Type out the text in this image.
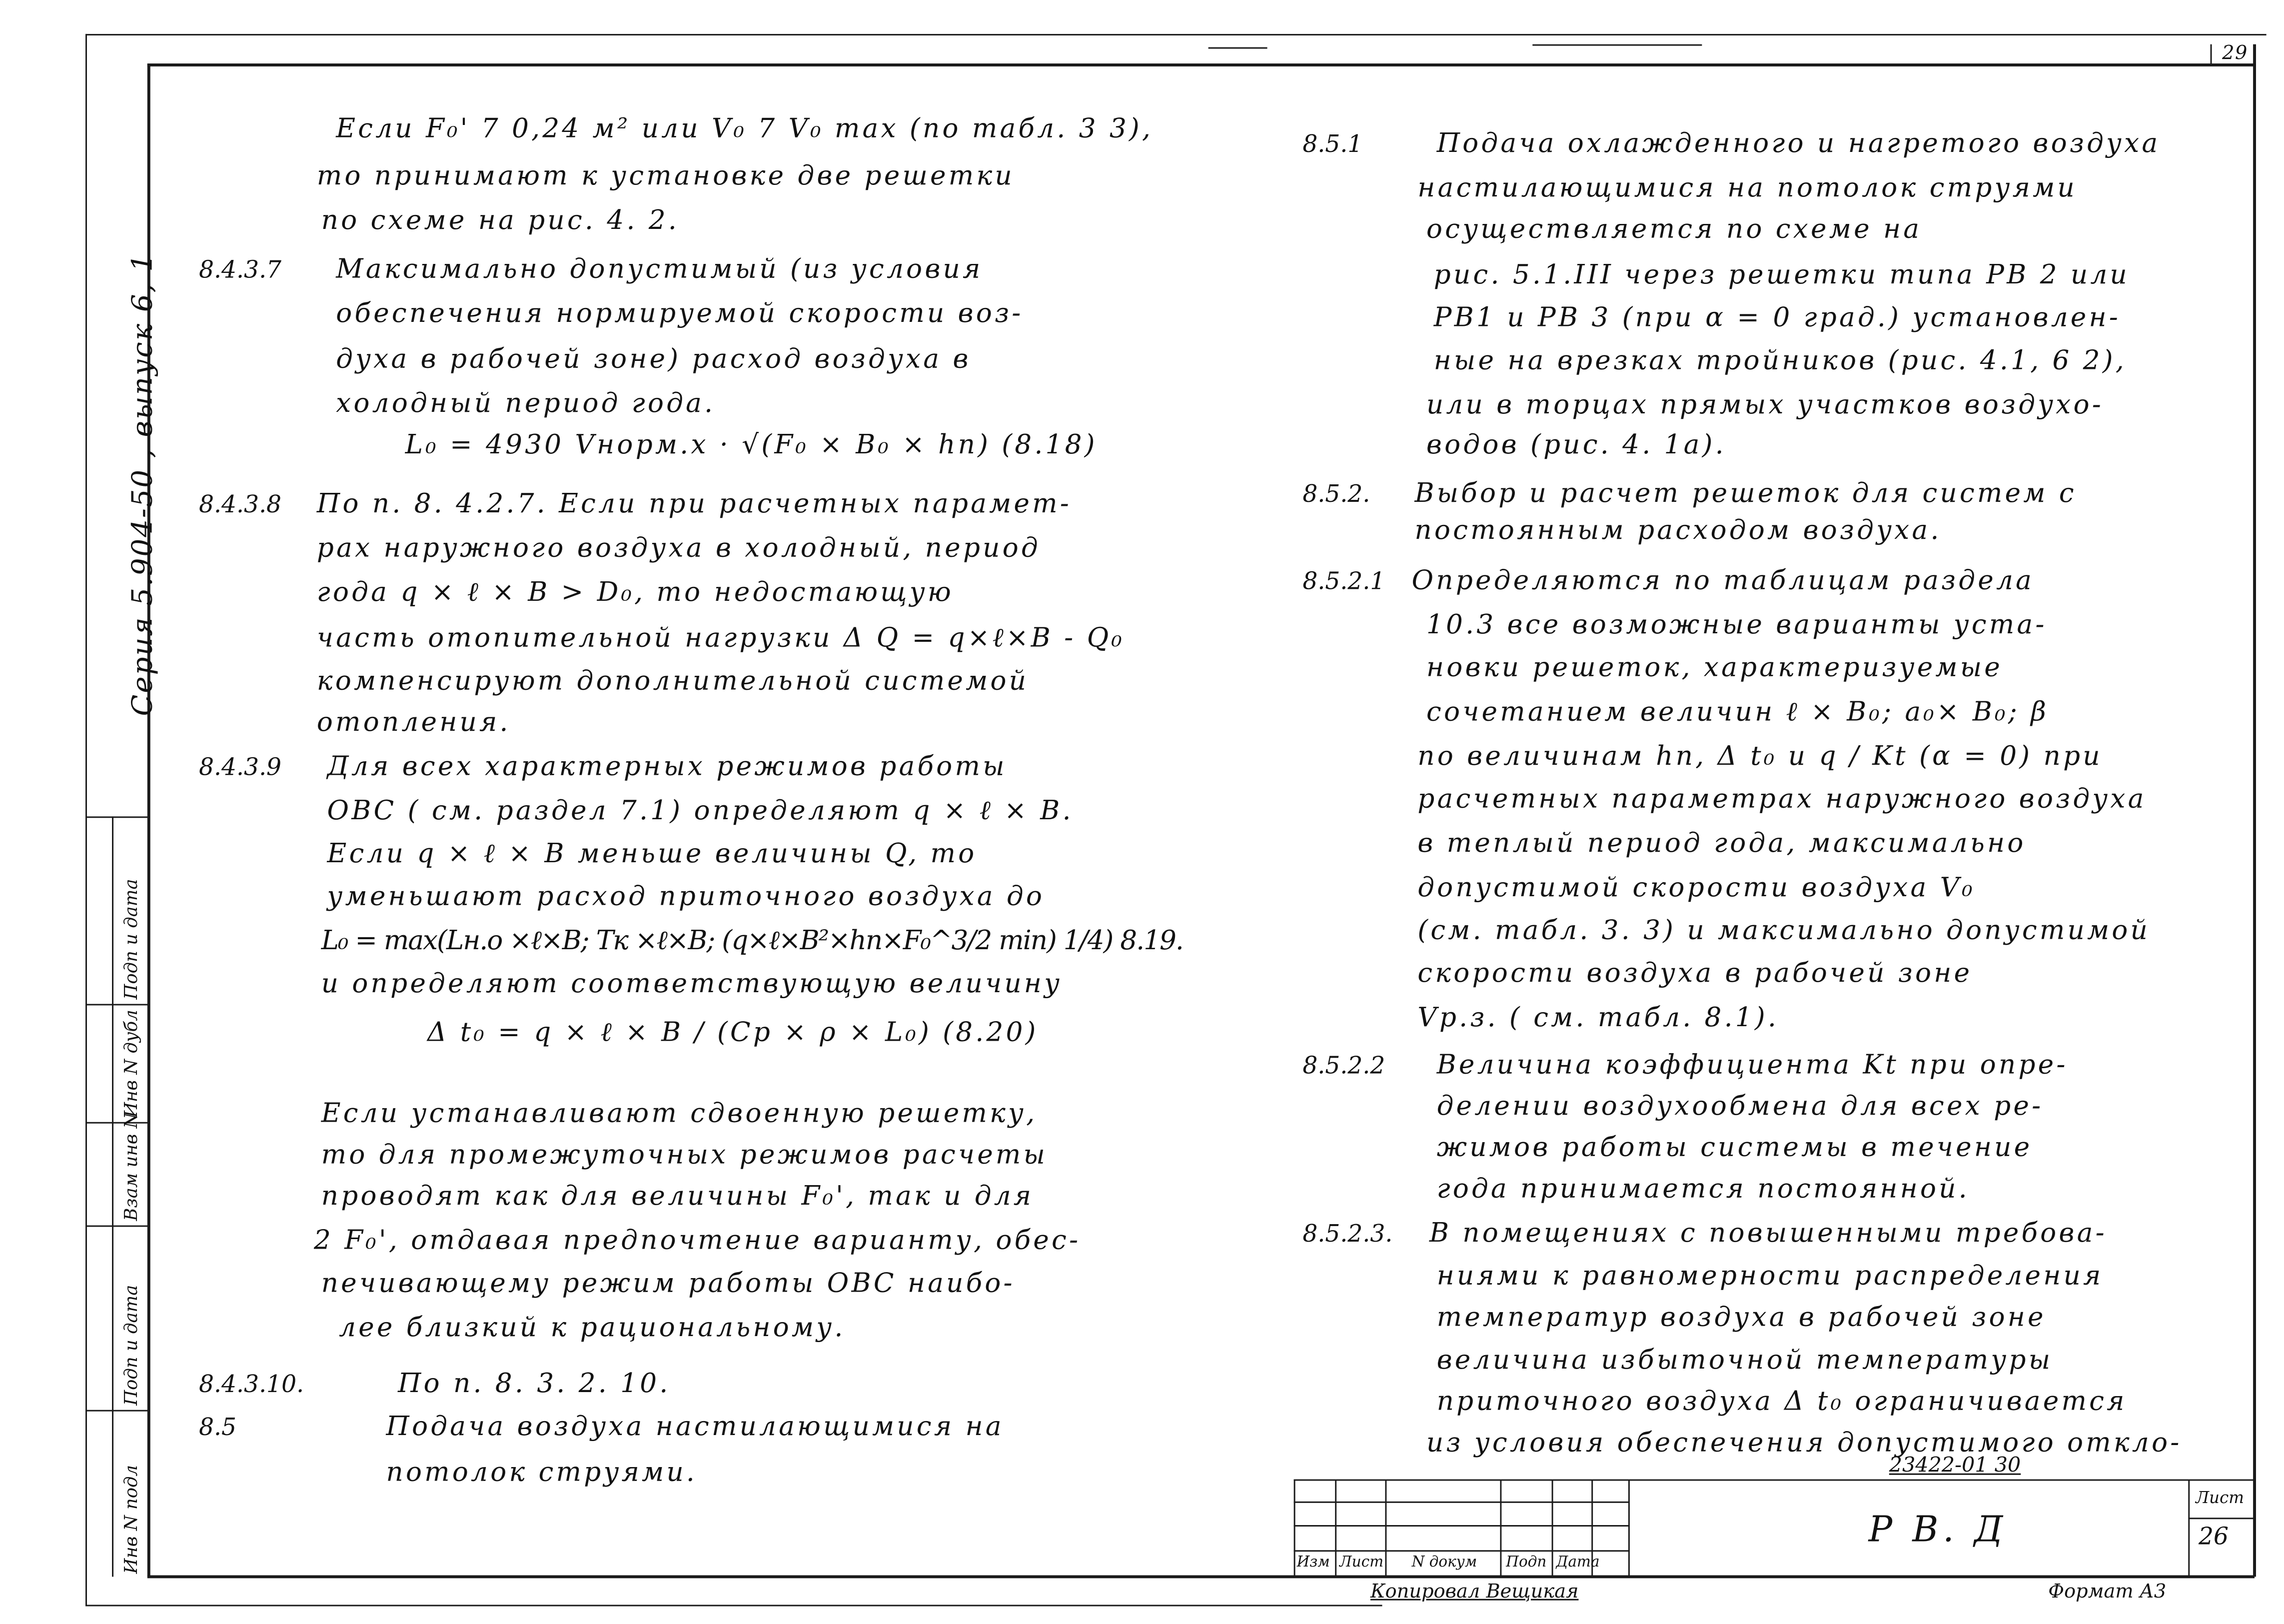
29
Инв N подл
Подп и дата
Взам инв N
Инв N дубл
Подп и дата
Серия 5.904-50 , выпуск 6, 1
Если F₀' 7 0,24 м² или V₀ 7 V₀ max (по табл. 3 3),
то принимают к установке две решетки
по схеме на рис. 4. 2.
8.4.3.7	Максимально допустимый (из условия
обеспечения нормируемой скорости воз-
духа в рабочей зоне) расход воздуха в
холодный период года.
L₀ = 4930 Vнорм.х · √(F₀ × B₀ × hn) (8.18)
8.4.3.8	По п. 8. 4.2.7. Если при расчетных парамет-
рах наружного воздуха в холодный, период
года q × ℓ × B > D₀, то недостающую
часть отопительной нагрузки Δ Q = q×ℓ×B - Q₀
компенсируют дополнительной системой
отопления.
8.4.3.9	Для всех характерных режимов работы
ОВС ( см. раздел 7.1) определяют q × ℓ × B.
Если q × ℓ × B меньше величины Q, то
уменьшают расход приточного воздуха до
L₀ = max(Lн.о ×ℓ×B; Tк ×ℓ×B; (q×ℓ×B²×hn×F₀^3/2 min) 1/4) 8.19.
и определяют соответствующую величину
Δ t₀ = q × ℓ × B / (Cp × ρ × L₀) (8.20)
Если устанавливают сдвоенную решетку,
то для промежуточных режимов расчеты
проводят как для величины F₀', так и для
2 F₀', отдавая предпочтение варианту, обес-
печивающему режим работы ОВС наибо-
лее близкий к рациональному.
8.4.3.10.	По п. 8. 3. 2. 10.
8.5	Подача воздуха настилающимися на
потолок струями.
8.5.1	Подача охлажденного и нагретого воздуха
настилающимися на потолок струями
осуществляется по схеме на
рис. 5.1.III через решетки типа РВ 2 или
РВ1 и РВ 3 (при α = 0 град.) установлен-
ные на врезках тройников (рис. 4.1, 6 2),
или в торцах прямых участков воздухо-
водов (рис. 4. 1а).
8.5.2.	Выбор и расчет решеток для систем с
постоянным расходом воздуха.
8.5.2.1	Определяются по таблицам раздела
10.3 все возможные варианты уста-
новки решеток, характеризуемые
сочетанием величин ℓ × B₀; a₀× B₀; β
по величинам hn, Δ t₀ и q / Kt (α = 0) при
расчетных параметрах наружного воздуха
в теплый период года, максимально
допустимой скорости воздуха V₀
(см. табл. 3. 3) и максимально допустимой
скорости воздуха в рабочей зоне
Vр.з. ( см. табл. 8.1).
8.5.2.2	Величина коэффициента Kt при опре-
делении воздухообмена для всех ре-
жимов работы системы в течение
года принимается постоянной.
8.5.2.3.	В помещениях с повышенными требова-
ниями к равномерности распределения
температур воздуха в рабочей зоне
величина избыточной температуры
приточного воздуха Δ t₀ ограничивается
из условия обеспечения допустимого откло-
Изм Лист	N докум	Подп Дата
23422-01 30
Р В. Д
Лист
26
Копировал Вещикая	Формат А3
